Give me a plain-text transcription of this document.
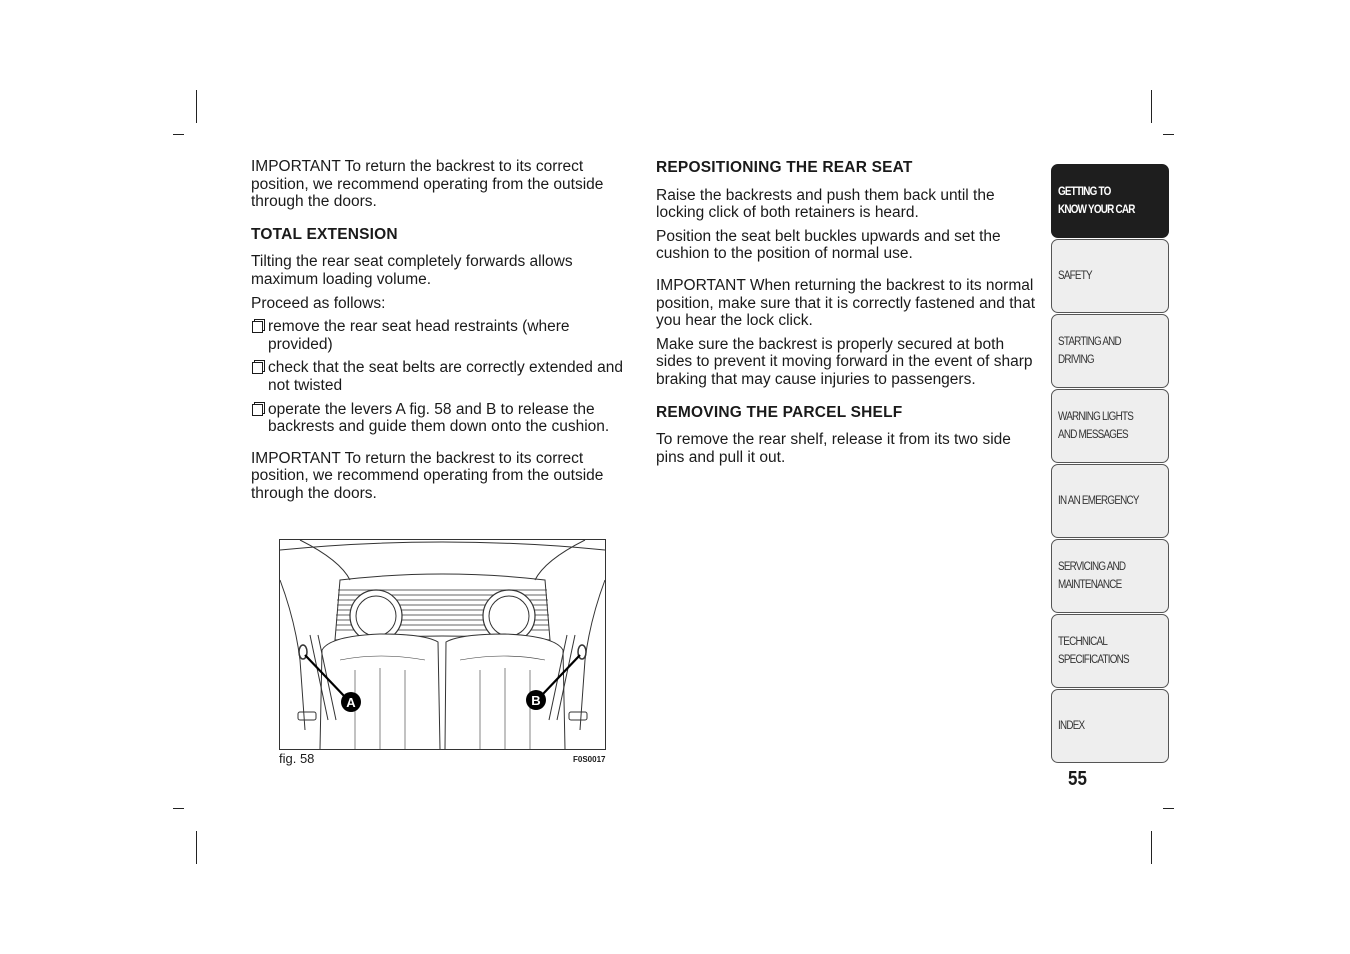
IMPORTANT To return the backrest to its correct position, we recommend operating from the outside through the doors.

TOTAL EXTENSION

Tilting the rear seat completely forwards allows maximum loading volume.

Proceed as follows:

remove the rear seat head restraints (where provided)
check that the seat belts are correctly extended and not twisted
operate the levers A fig. 58 and B to release the backrests and guide them down onto the cushion.

IMPORTANT To return the backrest to its correct position, we recommend operating from the outside through the doors.

REPOSITIONING THE REAR SEAT

Raise the backrests and push them back until the locking click of both retainers is heard.

Position the seat belt buckles upwards and set the cushion to the position of normal use.

IMPORTANT When returning the backrest to its normal position, make sure that it is correctly fastened and that you hear the lock click.

Make sure the backrest is properly secured at both sides to prevent it moving forward in the event of sharp braking that may cause injuries to passengers.

REMOVING THE PARCEL SHELF

To remove the rear shelf, release it from its two side pins and pull it out.

A	B
fig. 58	F0S0017
GETTING TO
KNOW YOUR CAR
SAFETY
STARTING AND
DRIVING
WARNING LIGHTS
AND MESSAGES
IN AN EMERGENCY
SERVICING AND
MAINTENANCE
TECHNICAL
SPECIFICATIONS
INDEX
55
